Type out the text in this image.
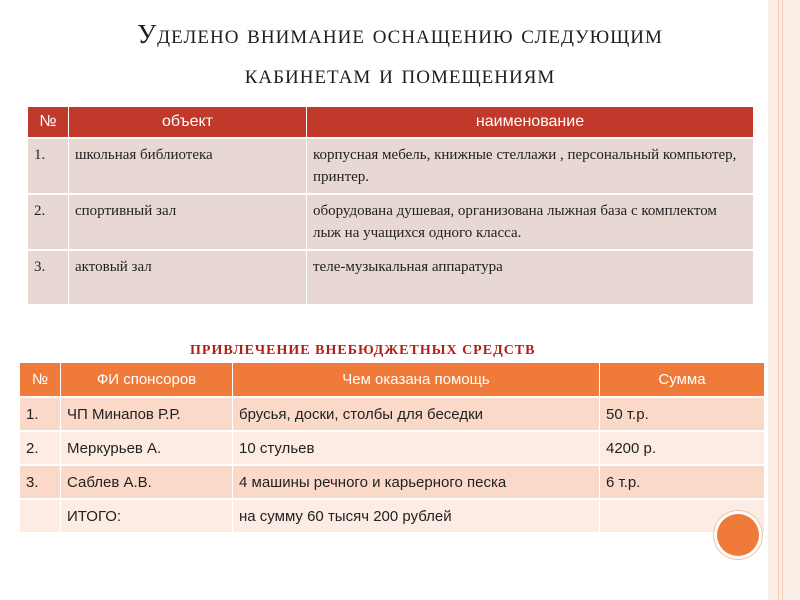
Уделено внимание оснащению следующим
кабинетам и помещениям
№	объект	наименование
1.	школьная библиотека	корпусная мебель, книжные стеллажи , персональный компьютер, принтер.
2.	спортивный зал	оборудована душевая, организована лыжная база с комплектом лыж на учащихся одного класса.
3.	актовый зал	теле-музыкальная аппаратура
ПРИВЛЕЧЕНИЕ ВНЕБЮДЖЕТНЫХ СРЕДСТВ
№	ФИ спонсоров	Чем оказана помощь	Сумма
1.	ЧП Минапов Р.Р.	брусья, доски, столбы для беседки	50 т.р.
2.	Меркурьев А.	10 стульев	4200 р.
3.	Саблев А.В.	4 машины речного и карьерного песка	6 т.р.
	ИТОГО:	на сумму 60 тысяч 200 рублей	
